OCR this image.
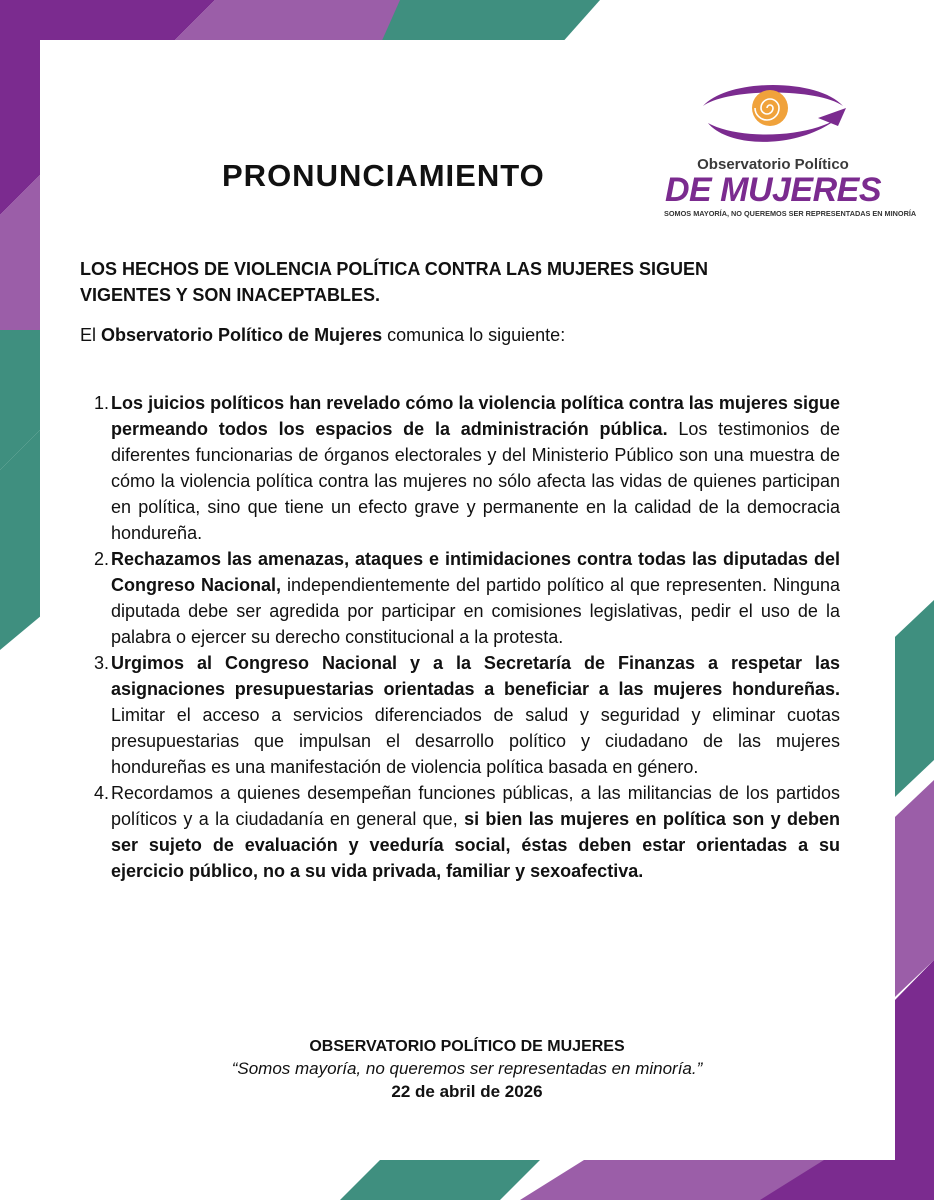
PRONUNCIAMIENTO	Observatorio Político
DE MUJERES
SOMOS MAYORÍA, NO QUEREMOS SER REPRESENTADAS EN MINORÍA
LOS HECHOS DE VIOLENCIA POLÍTICA CONTRA LAS MUJERES SIGUEN VIGENTES Y SON INACEPTABLES.
El Observatorio Político de Mujeres comunica lo siguiente:
1. Los juicios políticos han revelado cómo la violencia política contra las mujeres sigue permeando todos los espacios de la administración pública. Los testimonios de diferentes funcionarias de órganos electorales y del Ministerio Público son una muestra de cómo la violencia política contra las mujeres no sólo afecta las vidas de quienes participan en política, sino que tiene un efecto grave y permanente en la calidad de la democracia hondureña.
2. Rechazamos las amenazas, ataques e intimidaciones contra todas las diputadas del Congreso Nacional, independientemente del partido político al que representen. Ninguna diputada debe ser agredida por participar en comisiones legislativas, pedir el uso de la palabra o ejercer su derecho constitucional a la protesta.
3. Urgimos al Congreso Nacional y a la Secretaría de Finanzas a respetar las asignaciones presupuestarias orientadas a beneficiar a las mujeres hondureñas. Limitar el acceso a servicios diferenciados de salud y seguridad y eliminar cuotas presupuestarias que impulsan el desarrollo político y ciudadano de las mujeres hondureñas es una manifestación de violencia política basada en género.
4. Recordamos a quienes desempeñan funciones públicas, a las militancias de los partidos políticos y a la ciudadanía en general que, si bien las mujeres en política son y deben ser sujeto de evaluación y veeduría social, éstas deben estar orientadas a su ejercicio público, no a su vida privada, familiar y sexoafectiva.
OBSERVATORIO POLÍTICO DE MUJERES
“Somos mayoría, no queremos ser representadas en minoría.”
22 de abril de 2026
